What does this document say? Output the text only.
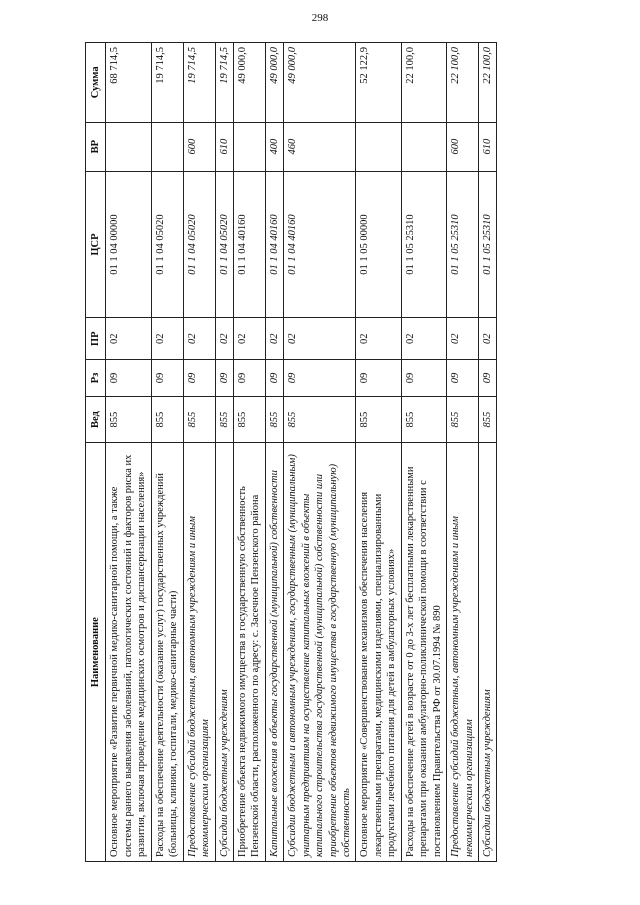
298
Наименование	Вед	Рз	ПР	ЦСР	ВР	Сумма
Основное мероприятие «Развитие первичной медико-санитарной помощи, а также системы раннего выявления заболеваний, патологических состояний и факторов риска их развития, включая проведение медицинских осмотров и диспансеризации населения»	855	09	02	01 1 04 00000		68 714,5
Расходы на обеспечение деятельности (оказание услуг) государственных учреждений (больницы, клиники, госпитали, медико-санитарные части)	855	09	02	01 1 04 05020		19 714,5
Предоставление субсидий бюджетным, автономным учреждениям и иным некоммерческим организациям	855	09	02	01 1 04 05020	600	19 714,5
Субсидии бюджетным учреждениям	855	09	02	01 1 04 05020	610	19 714,5
Приобретение объекта недвижимого имущества в государственную собственность Пензенской области, расположенного по адресу: с. Засечное Пензенского района	855	09	02	01 1 04 40160		49 000,0
Капитальные вложения в объекты государственной (муниципальной) собственности	855	09	02	01 1 04 40160	400	49 000,0
Субсидии бюджетным и автономным учреждениям, государственным (муниципальным) унитарным предприятиям на осуществление капитальных вложений в объекты капитального строительства государственной (муниципальной) собственности или приобретение объектов недвижимого имущества в государственную (муниципальную) собственность	855	09	02	01 1 04 40160	460	49 000,0
Основное мероприятие «Совершенствование механизмов обеспечения населения лекарственными препаратами, медицинскими изделиями, специализированными продуктами лечебного питания для детей в амбулаторных условиях»	855	09	02	01 1 05 00000		52 122,9
Расходы на обеспечение детей в возрасте от 0 до 3-х лет бесплатными лекарственными препаратами при оказании амбулаторно-поликлинической помощи в соответствии с постановлением Правительства РФ от 30.07.1994 № 890	855	09	02	01 1 05 25310		22 100,0
Предоставление субсидий бюджетным, автономным учреждениям и иным некоммерческим организациям	855	09	02	01 1 05 25310	600	22 100,0
Субсидии бюджетным учреждениям	855	09	02	01 1 05 25310	610	22 100,0
